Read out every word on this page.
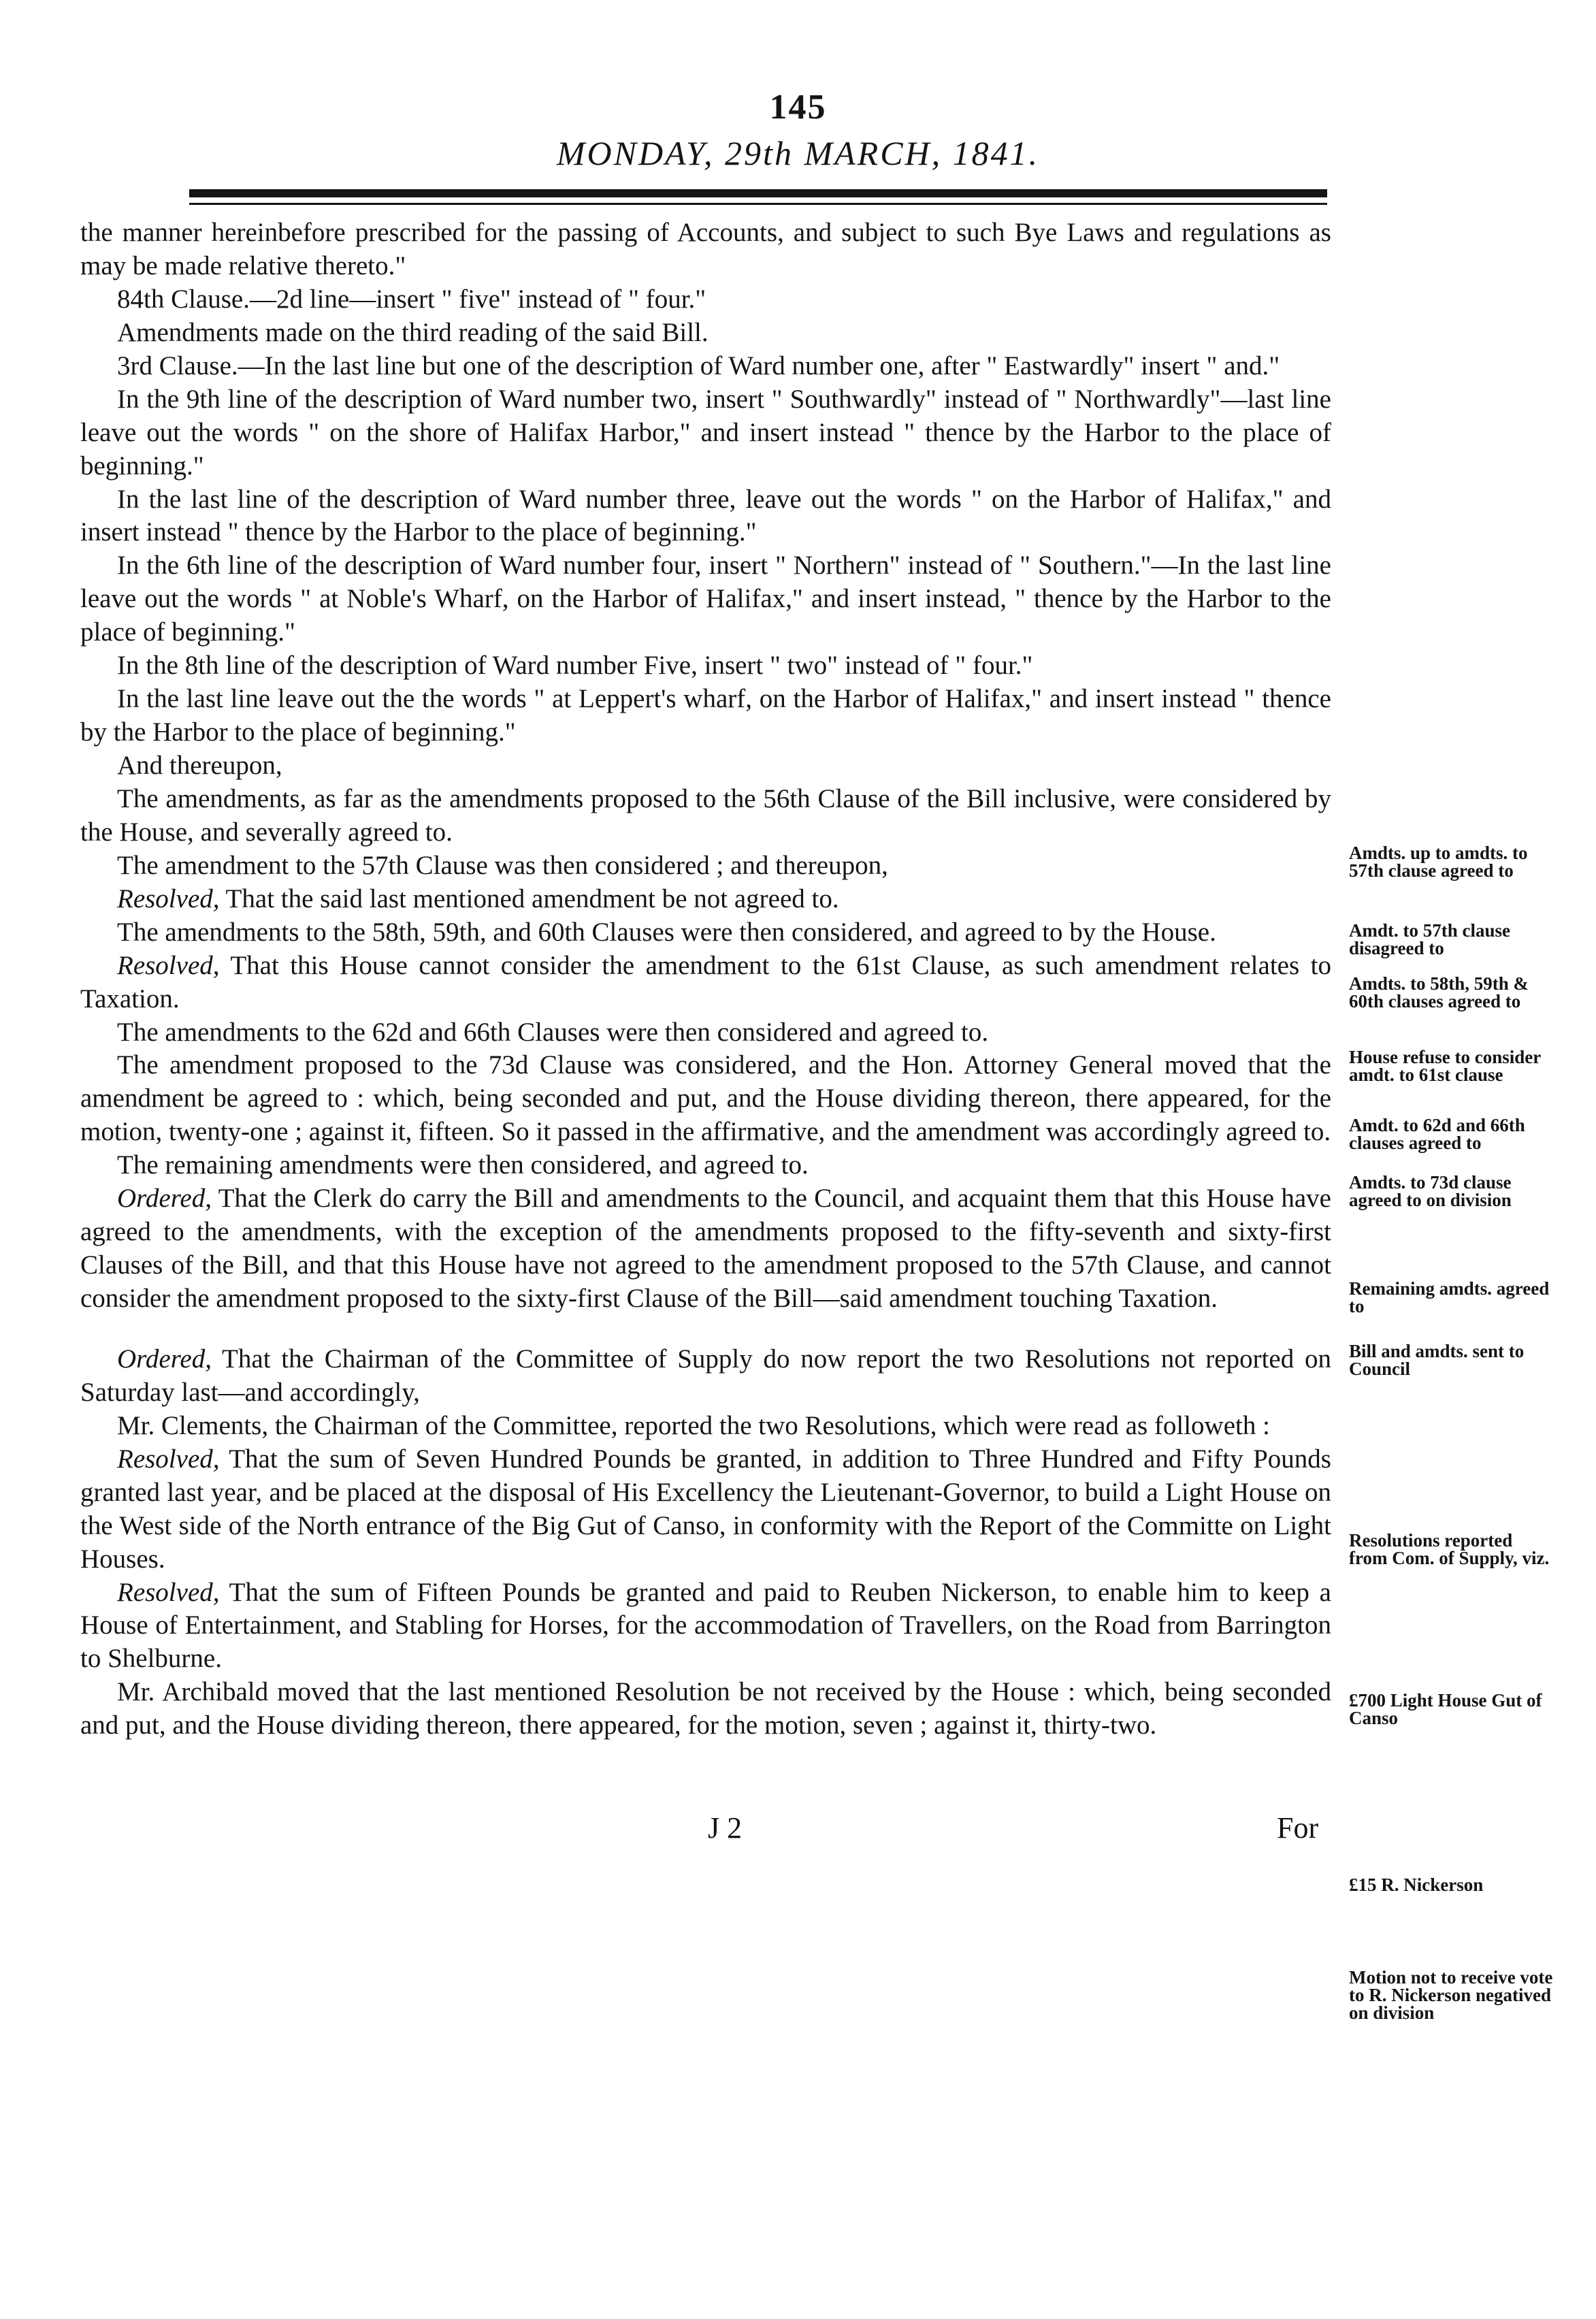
145
MONDAY, 29th MARCH, 1841.

the manner hereinbefore prescribed for the passing of Accounts, and subject to such Bye Laws and regulations as may be made relative thereto."

84th Clause.—2d line—insert " five" instead of " four."

Amendments made on the third reading of the said Bill.

3rd Clause.—In the last line but one of the description of Ward number one, after " Eastwardly" insert " and."

In the 9th line of the description of Ward number two, insert " Southwardly" instead of " Northwardly"—last line leave out the words " on the shore of Halifax Harbor," and insert instead " thence by the Harbor to the place of beginning."

In the last line of the description of Ward number three, leave out the words " on the Harbor of Halifax," and insert instead " thence by the Harbor to the place of beginning."

In the 6th line of the description of Ward number four, insert " Northern" instead of " Southern."—In the last line leave out the words " at Noble's Wharf, on the Harbor of Halifax," and insert instead, " thence by the Harbor to the place of beginning."

In the 8th line of the description of Ward number Five, insert " two" instead of " four."

In the last line leave out the the words " at Leppert's wharf, on the Harbor of Halifax," and insert instead " thence by the Harbor to the place of beginning."

And thereupon,

The amendments, as far as the amendments proposed to the 56th Clause of the Bill inclusive, were considered by the House, and severally agreed to.

The amendment to the 57th Clause was then considered ; and thereupon,

Resolved, That the said last mentioned amendment be not agreed to.

The amendments to the 58th, 59th, and 60th Clauses were then considered, and agreed to by the House.

Resolved, That this House cannot consider the amendment to the 61st Clause, as such amendment relates to Taxation.

The amendments to the 62d and 66th Clauses were then considered and agreed to.

The amendment proposed to the 73d Clause was considered, and the Hon. Attorney General moved that the amendment be agreed to : which, being seconded and put, and the House dividing thereon, there appeared, for the motion, twenty-one ; against it, fifteen. So it passed in the affirmative, and the amendment was accordingly agreed to.

The remaining amendments were then considered, and agreed to.

Ordered, That the Clerk do carry the Bill and amendments to the Council, and acquaint them that this House have agreed to the amendments, with the exception of the amendments proposed to the fifty-seventh and sixty-first Clauses of the Bill, and that this House have not agreed to the amendment proposed to the 57th Clause, and cannot consider the amendment proposed to the sixty-first Clause of the Bill—said amendment touching Taxation.

Ordered, That the Chairman of the Committee of Supply do now report the two Resolutions not reported on Saturday last—and accordingly,

Mr. Clements, the Chairman of the Committee, reported the two Resolutions, which were read as followeth :

Resolved, That the sum of Seven Hundred Pounds be granted, in addition to Three Hundred and Fifty Pounds granted last year, and be placed at the disposal of His Excellency the Lieutenant-Governor, to build a Light House on the West side of the North entrance of the Big Gut of Canso, in conformity with the Report of the Committe on Light Houses.

Resolved, That the sum of Fifteen Pounds be granted and paid to Reuben Nickerson, to enable him to keep a House of Entertainment, and Stabling for Horses, for the accommodation of Travellers, on the Road from Barrington to Shelburne.

Mr. Archibald moved that the last mentioned Resolution be not received by the House : which, being seconded and put, and the House dividing thereon, there appeared, for the motion, seven ; against it, thirty-two.

Amdts. up to amdts. to 57th clause agreed to
Amdt. to 57th clause disagreed to
Amdts. to 58th, 59th & 60th clauses agreed to
House refuse to consider amdt. to 61st clause
Amdt. to 62d and 66th clauses agreed to
Amdts. to 73d clause agreed to on division
Remaining amdts. agreed to
Bill and amdts. sent to Council
Resolutions reported from Com. of Supply, viz.
£700 Light House Gut of Canso
£15 R. Nickerson
Motion not to receive vote to R. Nickerson negatived on division
J 2	For
